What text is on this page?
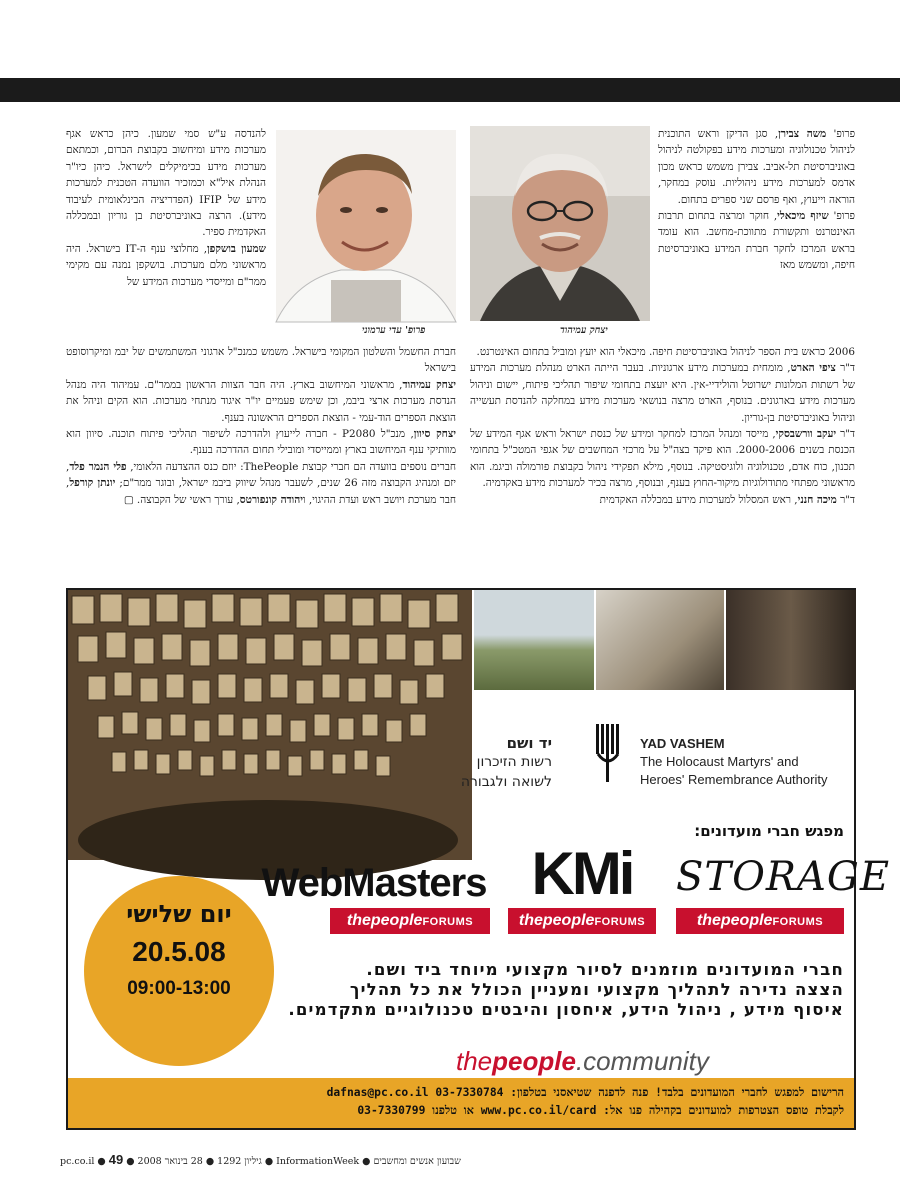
פרופ' משה צבירן, סגן הדיקן וראש התוכנית לניהול טכנולוגיה ומערכות מידע בפקולטה לניהול באוניברסיטת תל-אביב. צבירן משמש כראש מכון אדמס למערכות מידע ניהוליות. עוסק במחקר, הוראה וייעוץ, ואף פרסם שני ספרים בתחום.

פרופ' שיזף מיכאלי, חוקר ומרצה בתחום תרבות האינטרנט ותקשורת מתווכת-מחשב. הוא עומד בראש המרכז לחקר חברת המידע באוניברסיטת חיפה, ומשמש מאז

יצחק עמיהוד
פרופ' עדי ערמוני

להנדסה ע"ש סמי שמעון. כיהן כראש אגף מערכות מידע ומיחשוב בקבוצת הברום, וכמתאם מערכות מידע בכימיקלים לישראל. כיהן כיו"ר הנהלת איל"א וכמזכיר הוועדה הטכנית למערכות מידע של IFIP (הפדריציה הבינלאומית לעיבוד מידע). הרצה באוניברסיטת בן גוריון ובמכללה האקדמית ספיר.

שמעון בושקפן, מחלוצי ענף ה-IT בישראל. היה מראשוני מלם מערכות. בושקפן נמנה עם מקימי ממר"ם ומייסדי מערכות המידע של

2006 כראש בית הספר לניהול באוניברסיטת חיפה. מיכאלי הוא יועץ ומוביל בתחום האינטרנט.

ד"ר ציפי הארט, מומחית במערכות מידע ארגוניות. בעבר הייתה הארט מנהלת מערכות המידע של רשתות המלונות ישרוטל והולידיי-אין. היא יועצת בתחומי שיפור תהליכי פיתוח, יישום וניהול מערכות מידע בארגונים. בנוסף, הארט מרצה בנושאי מערכות מידע במחלקה להנדסת תעשייה וניהול באוניברסיטת בן-גוריון.

ד"ר יעקב וורשבסקי, מייסד ומנהל המרכז למחקר ומידע של כנסת ישראל וראש אגף המידע של הכנסת בשנים 2000-2006. הוא פיקד בצה"ל על מרכזי המחשבים של אגפי המטכ"ל בתחומי תכנון, כוח אדם, טכנולוגיה ולוגיסטיקה. בנוסף, מילא תפקידי ניהול בקבוצת פורמולה וביגמ. הוא מראשוני מפתחי מתודולוגיות מיקור-החוץ בענף, ובנוסף, מרצה בכיר למערכות מידע באקדמיה.

ד"ר מיכה חנני, ראש המסלול למערכות מידע במכללה האקדמית

חברת החשמל והשלטון המקומי בישראל. משמש כמנכ"ל ארגוני המשתמשים של יבמ ומיקרוסופט בישראל

יצחק עמיהוד, מראשוני המיחשוב בארץ. היה חבר הצוות הראשון בממר"ם. עמיהוד היה מנהל הנדסת מערכות ארצי ביבמ, וכן שימש פעמיים יו"ר איגוד מנתחי מערכות. הוא הקים וניהל את הוצאת הספרים הוד-עמי - הוצאת הספרים הראשונה בענף.

יצחק סיוון, מנכ"ל P2080 - חברה לייעוץ ולהדרכה לשיפור תהליכי פיתוח תוכנה. סיוון הוא מוותיקי ענף המיחשוב בארץ וממייסדי ומובילי תחום ההדרכה בענף.

חברים נוספים בוועדה הם חברי קבוצת ThePeople: יוזם כנס ההצדעה הלאומי, פלי הנמר פלד, יזם ומנהיג הקבוצה מזה 26 שנים, לשעבר מנהל שיווק ביבמ ישראל, ובוגר ממר"ם; יונתן קורפל, חבר מערכת ויושב ראש ועדת ההיגוי, ויהודה קונפורטס, עורך ראשי של הקבוצה. ▢

YAD VASHEM
The Holocaust Martyrs' and
Heroes' Remembrance Authority
יד ושם
רשות הזיכרון
לשואה ולגבורה
מפגש חברי מועדונים:
STORAGE
thepeopleFORUMS
KMi
thepeopleFORUMS
WebMasters
thepeopleFORUMS
יום שלישי
20.5.08
09:00-13:00
חברי המועדונים מוזמנים לסיור מקצועי מיוחד ביד ושם.
הצצה נדירה לתהליך מקצועי ומעניין הכולל את כל תהליך
איסוף מידע , ניהול הידע, איחסון והיבטים טכנולוגיים מתקדמים.
thepeople.community
הרישום למפגש לחברי המועדונים בלבד! פנה לדפנה שטיאסני בטלפון: 03-7330784 dafnas@pc.co.il
לקבלת טופס הצטרפות למועדונים בקהילה פנו אל: www.pc.co.il/card או טלפנו 03-7330799
שבועון אנשים ומחשבים ● InformationWeek ● גיליון 1292 ● 28 בינואר 2008 ● pc.co.il ● 49
